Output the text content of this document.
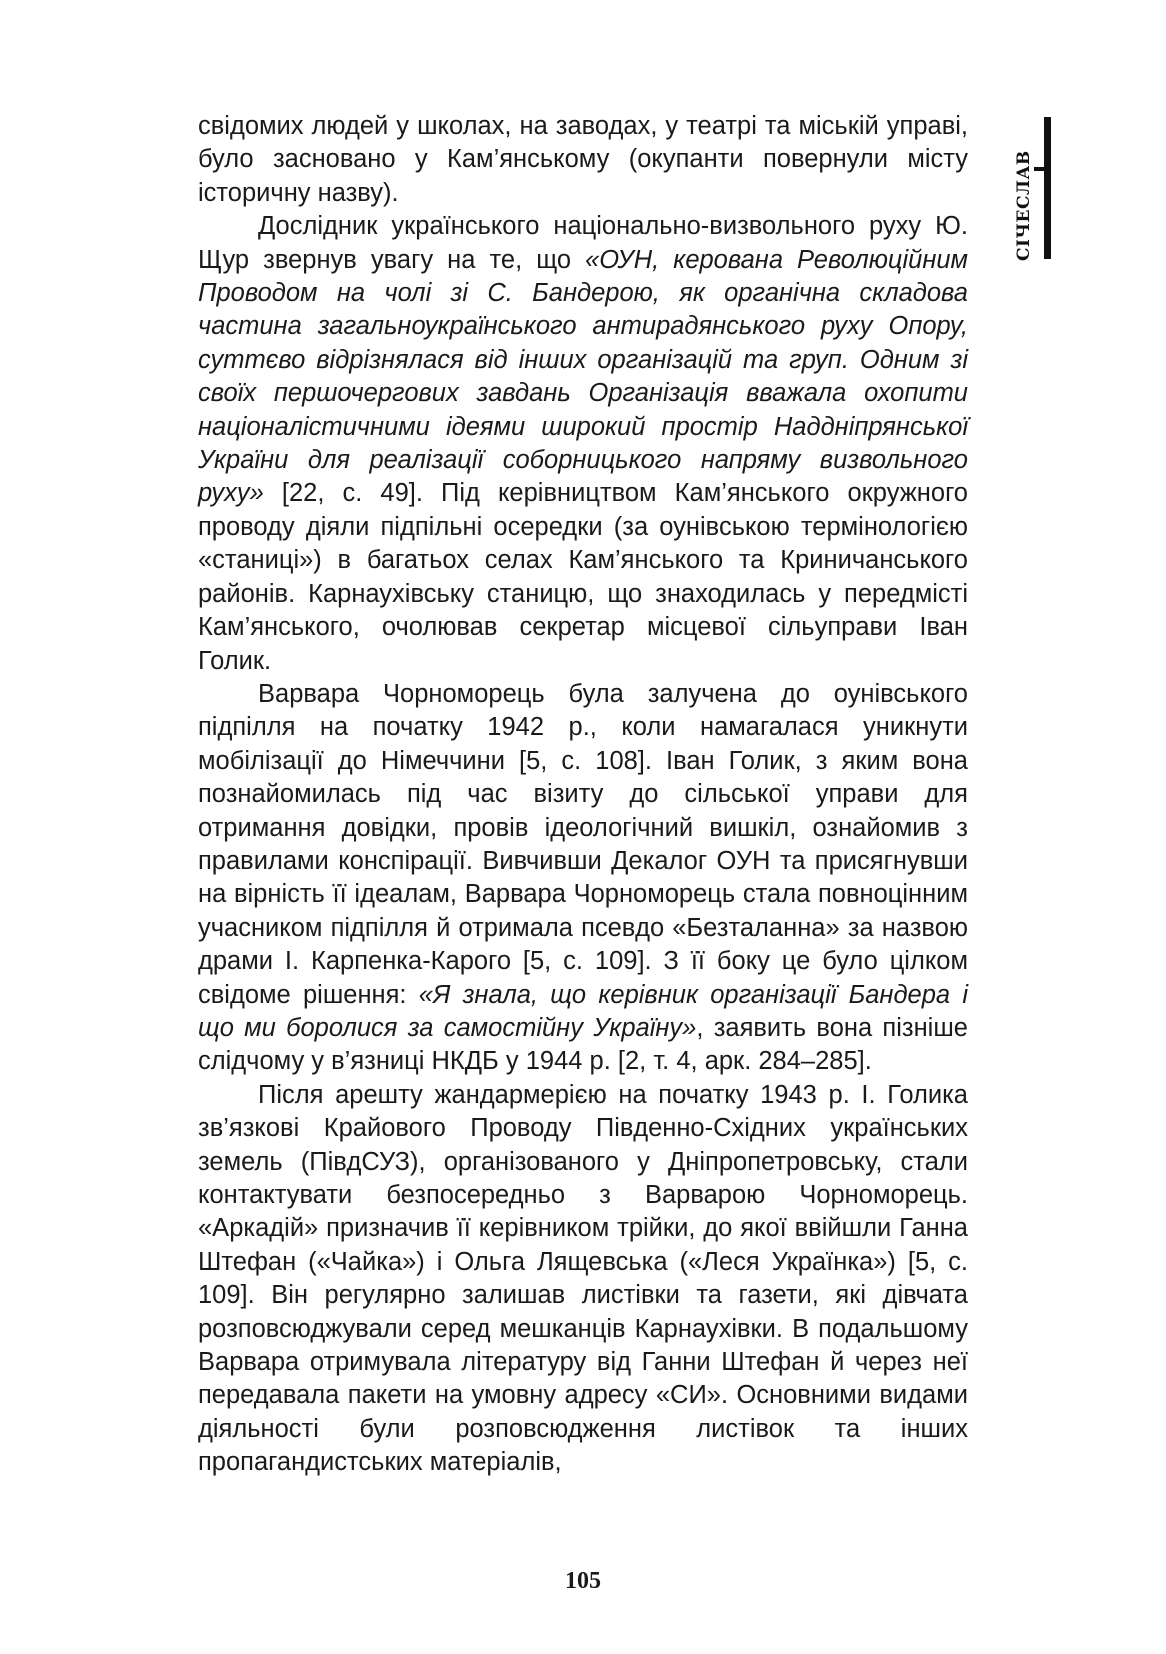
СІЧЕСЛАВ

свідомих людей у школах, на заводах, у театрі та міській управі, було засновано у Кам’янському (окупанти повернули місту історичну назву).

Дослідник українського національно-визвольного руху Ю. Щур звернув увагу на те, що «ОУН, керована Революційним Проводом на чолі зі С. Бандерою, як органічна складова частина загальноукраїнського антирадянського руху Опору, суттєво відрізнялася від інших організацій та груп. Одним зі своїх першочергових завдань Організація вважала охопити націоналістичними ідеями широкий простір Наддніпрянської України для реалізації соборницького напряму визвольного руху» [22, с. 49]. Під керівництвом Кам’янського окружного проводу діяли підпільні осередки (за оунівською термінологією «станиці») в багатьох селах Кам’янського та Криничанського районів. Карнаухівську станицю, що знаходилась у передмісті Кам’янського, очолював секретар місцевої сільуправи Іван Голик.

Варвара Чорноморець була залучена до оунівського підпілля на початку 1942 р., коли намагалася уникнути мобілізації до Німеччини [5, с. 108]. Іван Голик, з яким вона познайомилась під час візиту до сільської управи для отримання довідки, провів ідеологічний вишкіл, ознайомив з правилами конспірації. Вивчивши Декалог ОУН та присягнувши на вірність її ідеалам, Варвара Чорноморець стала повноцінним учасником підпілля й отримала псевдо «Безталанна» за назвою драми І. Карпенка-Карого [5, с. 109]. З її боку це було цілком свідоме рішення: «Я знала, що керівник організації Бандера і що ми боролися за самостійну Україну», заявить вона пізніше слідчому у в’язниці НКДБ у 1944 р. [2, т. 4, арк. 284–285].

Після арешту жандармерією на початку 1943 р. І. Голика зв’язкові Крайового Проводу Південно-Східних українських земель (ПівдСУЗ), організованого у Дніпропетровську, стали контактувати безпосередньо з Варварою Чорноморець. «Аркадій» призначив її керівником трійки, до якої ввійшли Ганна Штефан («Чайка») і Ольга Лящевська («Леся Українка») [5, с. 109]. Він регулярно залишав листівки та газети, які дівчата розповсюджували серед мешканців Карнаухівки. В подальшому Варвара отримувала літературу від Ганни Штефан й через неї передавала пакети на умовну адресу «СИ». Основними видами діяльності були розповсюдження листівок та інших пропагандистських матеріалів,

105
